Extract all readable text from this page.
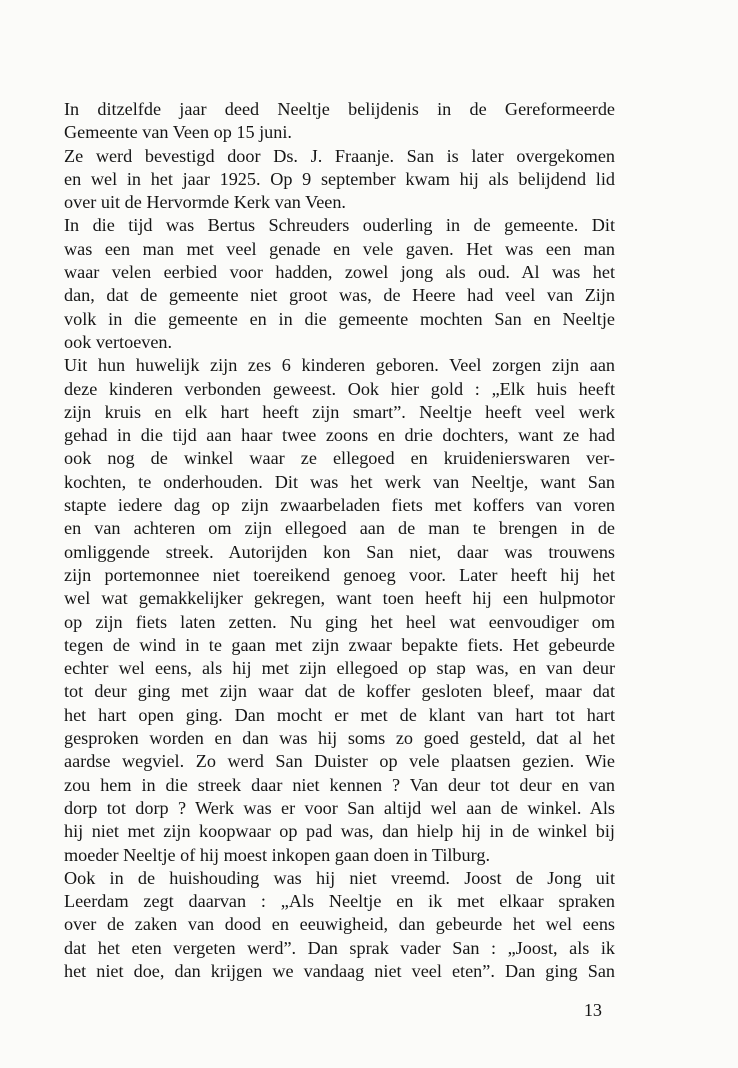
In ditzelfde jaar deed Neeltje belijdenis in de Gereformeerde
Gemeente van Veen op 15 juni.
Ze werd bevestigd door Ds. J. Fraanje. San is later overgekomen
en wel in het jaar 1925. Op 9 september kwam hij als belijdend lid
over uit de Hervormde Kerk van Veen.
In die tijd was Bertus Schreuders ouderling in de gemeente. Dit
was een man met veel genade en vele gaven. Het was een man
waar velen eerbied voor hadden, zowel jong als oud. Al was het
dan, dat de gemeente niet groot was, de Heere had veel van Zijn
volk in die gemeente en in die gemeente mochten San en Neeltje
ook vertoeven.
Uit hun huwelijk zijn zes 6 kinderen geboren. Veel zorgen zijn aan
deze kinderen verbonden geweest. Ook hier gold : „Elk huis heeft
zijn kruis en elk hart heeft zijn smart”. Neeltje heeft veel werk
gehad in die tijd aan haar twee zoons en drie dochters, want ze had
ook nog de winkel waar ze ellegoed en kruidenierswaren ver-
kochten, te onderhouden. Dit was het werk van Neeltje, want San
stapte iedere dag op zijn zwaarbeladen fiets met koffers van voren
en van achteren om zijn ellegoed aan de man te brengen in de
omliggende streek. Autorijden kon San niet, daar was trouwens
zijn portemonnee niet toereikend genoeg voor. Later heeft hij het
wel wat gemakkelijker gekregen, want toen heeft hij een hulpmotor
op zijn fiets laten zetten. Nu ging het heel wat eenvoudiger om
tegen de wind in te gaan met zijn zwaar bepakte fiets. Het gebeurde
echter wel eens, als hij met zijn ellegoed op stap was, en van deur
tot deur ging met zijn waar dat de koffer gesloten bleef, maar dat
het hart open ging. Dan mocht er met de klant van hart tot hart
gesproken worden en dan was hij soms zo goed gesteld, dat al het
aardse wegviel. Zo werd San Duister op vele plaatsen gezien. Wie
zou hem in die streek daar niet kennen ? Van deur tot deur en van
dorp tot dorp ? Werk was er voor San altijd wel aan de winkel. Als
hij niet met zijn koopwaar op pad was, dan hielp hij in de winkel bij
moeder Neeltje of hij moest inkopen gaan doen in Tilburg.
Ook in de huishouding was hij niet vreemd. Joost de Jong uit
Leerdam zegt daarvan : „Als Neeltje en ik met elkaar spraken
over de zaken van dood en eeuwigheid, dan gebeurde het wel eens
dat het eten vergeten werd”. Dan sprak vader San : „Joost, als ik
het niet doe, dan krijgen we vandaag niet veel eten”. Dan ging San
13
